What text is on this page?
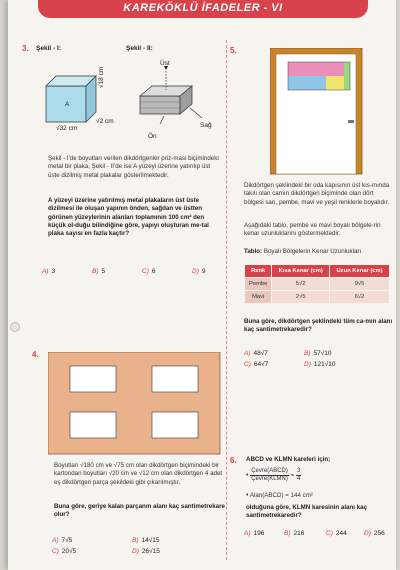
KAREKÖKLÜ İFADELER - VI
3. Şekil - I:	Şekil - II:
A
√18 cm
√32 cm
√2 cm
Üst
Ön
Sağ
Şekil - I'de boyutları verilen dikdörtgenler priz-masi biçimindeki metal bir plaka, Şekil - II'de ise A yüzeyi üzerine yatırılıp üst üste dizilmiş metal plakalar gösterilmektedir.
A yüzeyi üzerine yatırılmış metal plakaların üst üste dizilmesi ile oluşan yapının önden, sağdan ve üstten görünen yüzeylerinin alanları toplamının 100 cm² den küçük ol-duğu bilindiğine göre, yapıyı oluşturan me-tal plaka sayısı en fazla kaçtır?
A) 3	B) 5	C) 6	D) 9
4.
Boyutları √180 cm ve √75 cm olan dikdörtgen biçimindeki bir kartondan boyutları √20 cm ve √12 cm olan dikdörtgen 4 adet eş dikdörtgen parça şekildeki gibi çıkarılmıştır.
Buna göre, geriye kalan parçanın alanı kaç santimetrekare olur?
A) 7√5	B) 14√15
C) 20√5	D) 26√15
5.
Dikdörtgen şeklindeki bir oda kapısının üst kıs-mında takılı olan camın dikdörtgen biçiminde olan dört bölgesi sarı, pembe, mavi ve yeşil renklerle boyalıdır.
Aşağıdaki tablo, pembe ve mavi boyalı bölgele-rin kenar uzunluklarını göstermektedir.
Tablo: Boyalı Bölgelerin Kenar Uzunlukları
Renk	Kısa Kenar (cm)	Uzun Kenar (cm)
Pembe	5√2	9√5
Mavi	2√5	6√2
Buna göre, dikdörtgen şeklindeki tüm ca-mın alanı kaç santimetrekaredir?
A) 48√7	B) 57√10
C) 64√7	D) 121√10
6. ABCD ve KLMN kareleri için;
• $\frac{\text{Çevre(ABCD)}}{\text{Çevre(KLMN)}} = \frac{3}{4}$
• Alan(ABCD) = 144 cm²
olduğuna göre, KLMN karesinin alanı kaç santimetrekaredir?
A) 196	B) 216	C) 244	D) 256
